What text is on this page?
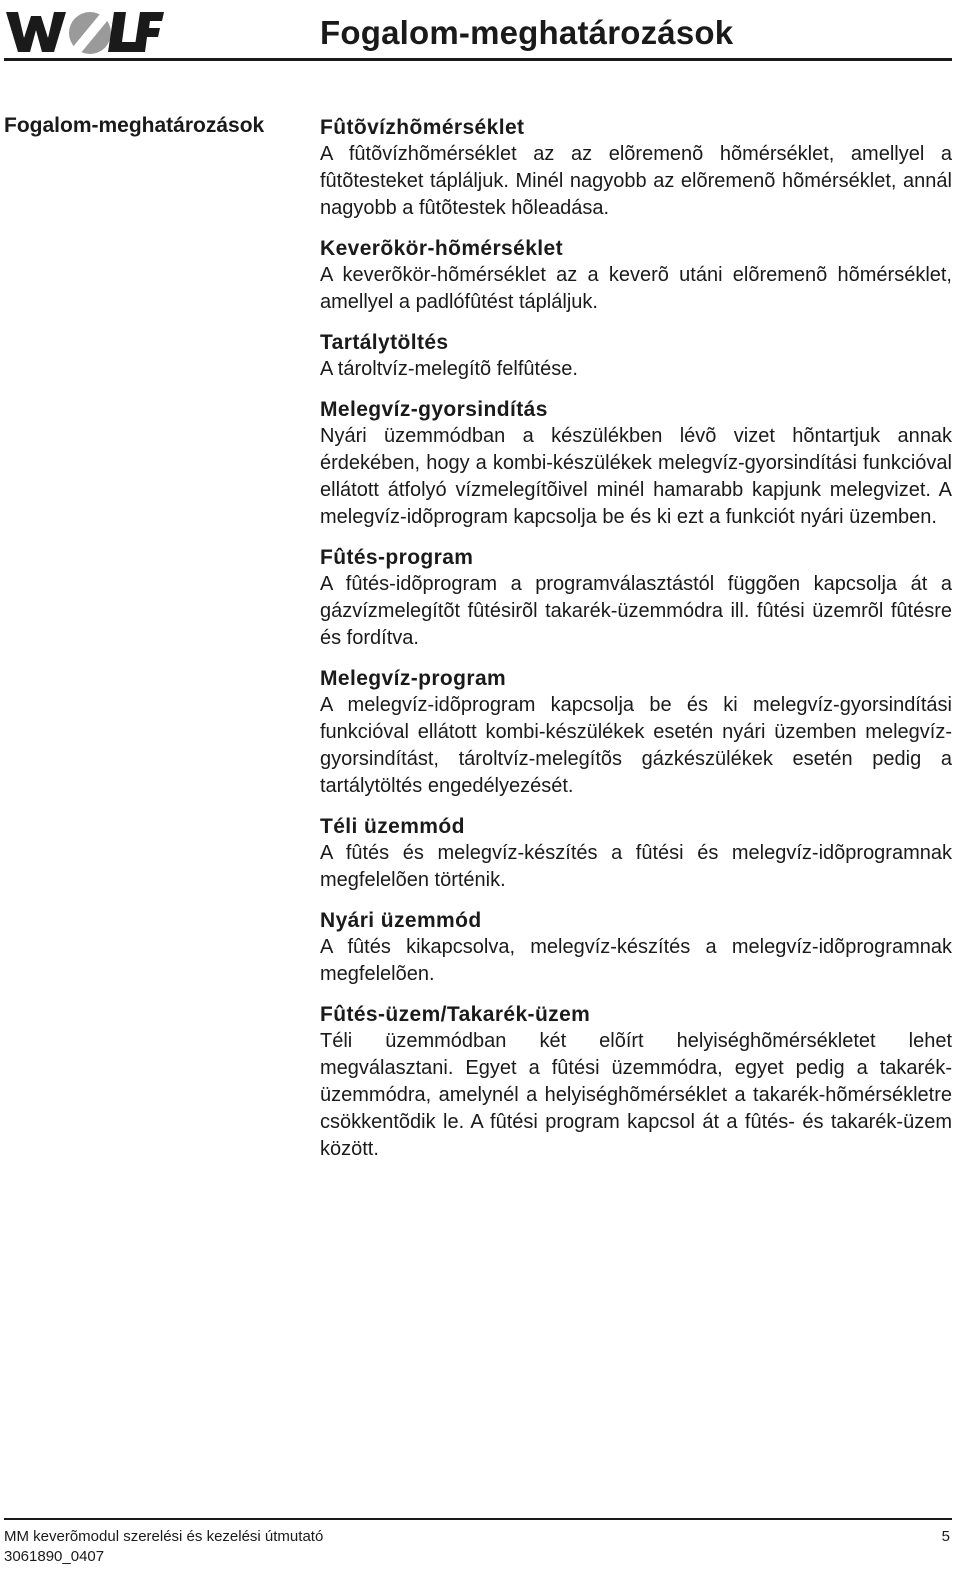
Fogalom-meghatározások
Fogalom-meghatározások	Fûtõvízhõmérséklet
A fûtõvízhõmérséklet az az elõremenõ hõmérséklet, amellyel a fûtõtesteket tápláljuk. Minél nagyobb az elõremenõ hõmérséklet, annál nagyobb a fûtõtestek hõleadása.
Keverõkör-hõmérséklet
A keverõkör-hõmérséklet az a keverõ utáni elõremenõ hõmérséklet, amellyel a padlófûtést tápláljuk.
Tartálytöltés
A tároltvíz-melegítõ felfûtése.
Melegvíz-gyorsindítás
Nyári üzemmódban a készülékben lévõ vizet hõntartjuk annak érdekében, hogy a kombi-készülékek melegvíz-gyorsindítási funkcióval ellátott átfolyó vízmelegítõivel minél hamarabb kapjunk melegvizet. A melegvíz-idõprogram kapcsolja be és ki ezt a funkciót nyári üzemben.
Fûtés-program
A fûtés-idõprogram a programválasztástól függõen kapcsolja át a gázvízmelegítõt fûtésirõl takarék-üzemmódra ill. fûtési üzemrõl fûtésre és fordítva.
Melegvíz-program
A melegvíz-idõprogram kapcsolja be és ki melegvíz-gyorsindítási funkcióval ellátott kombi-készülékek esetén nyári üzemben melegvíz-gyorsindítást, tároltvíz-melegítõs gázkészülékek esetén pedig a tartálytöltés engedélyezését.
Téli üzemmód
A fûtés és melegvíz-készítés a fûtési és melegvíz-idõprogramnak megfelelõen történik.
Nyári üzemmód
A fûtés kikapcsolva, melegvíz-készítés a melegvíz-idõprogramnak megfelelõen.
Fûtés-üzem/Takarék-üzem
Téli üzemmódban két elõírt helyiséghõmérsékletet lehet megválasztani. Egyet a fûtési üzemmódra, egyet pedig a takarék-üzemmódra, amelynél a helyiséghõmérséklet a takarék-hõmérsékletre csökkentõdik le. A fûtési program kapcsol át a fûtés- és takarék-üzem között.
MM keverõmodul szerelési és kezelési útmutató
3061890_0407
5
